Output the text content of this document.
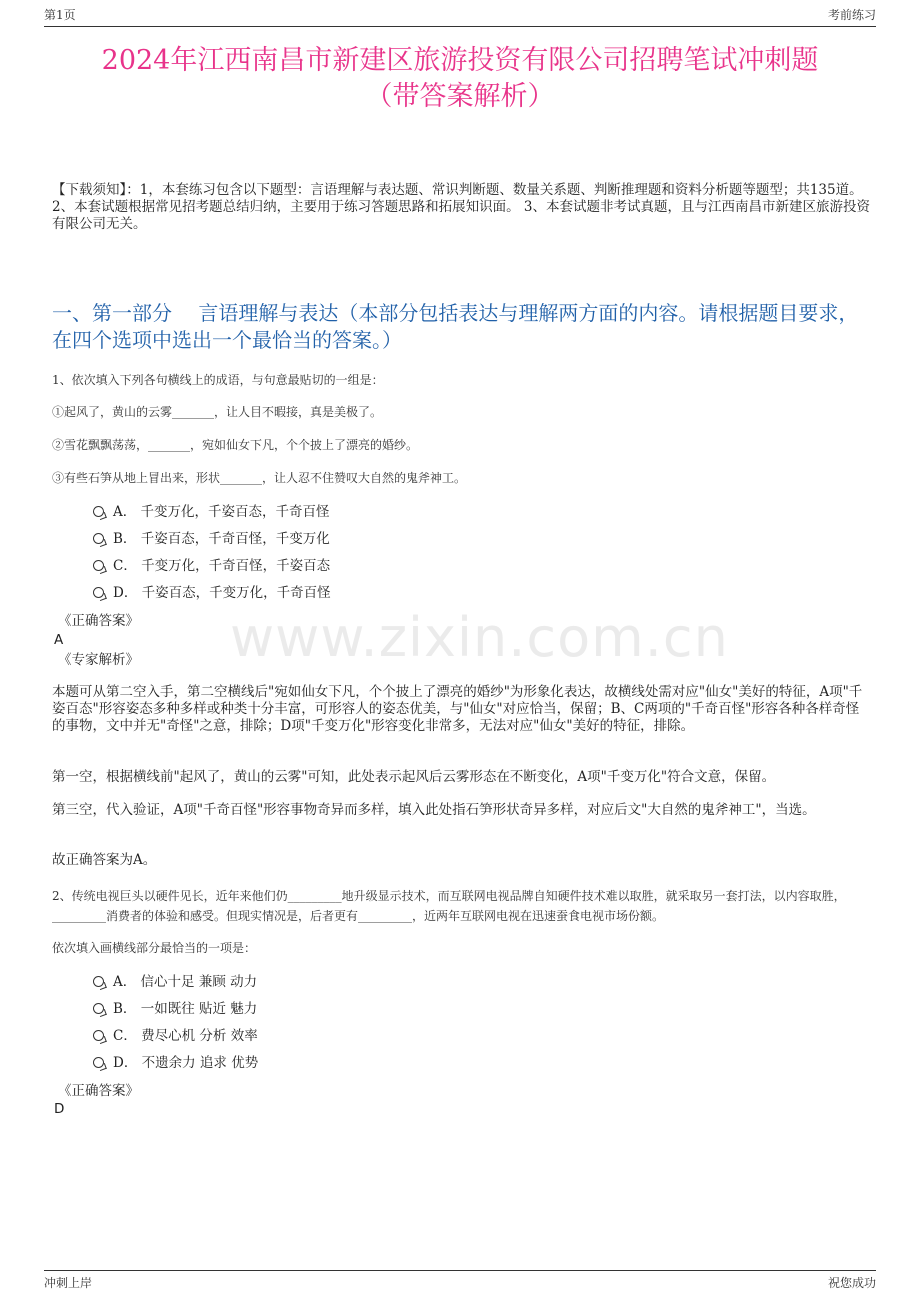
第1页	考前练习
2024年江西南昌市新建区旅游投资有限公司招聘笔试冲刺题
（带答案解析）
【下载须知】：1，本套练习包含以下题型：言语理解与表达题、常识判断题、数量关系题、判断推理题和资料分析题等题型；共135道。 2、本套试题根据常见招考题总结归纳，主要用于练习答题思路和拓展知识面。 3、本套试题非考试真题，且与江西南昌市新建区旅游投资有限公司无关。
一、第一部分　 言语理解与表达（本部分包括表达与理解两方面的内容。请根据题目要求，在四个选项中选出一个最恰当的答案。）
www.zixin.com.cn
1、依次填入下列各句横线上的成语，与句意最贴切的一组是：
①起风了，黄山的云雾_______，让人目不暇接，真是美极了。
②雪花飘飘荡荡，_______，宛如仙女下凡，个个披上了漂亮的婚纱。
③有些石笋从地上冒出来，形状_______，让人忍不住赞叹大自然的鬼斧神工。
A． 千变万化，千姿百态，千奇百怪
B． 千姿百态，千奇百怪，千变万化
C． 千变万化，千奇百怪，千姿百态
D． 千姿百态，千变万化，千奇百怪
《正确答案》
A
《专家解析》
本题可从第二空入手，第二空横线后"宛如仙女下凡，个个披上了漂亮的婚纱"为形象化表达，故横线处需对应"仙女"美好的特征，A项"千姿百态"形容姿态多种多样或种类十分丰富，可形容人的姿态优美，与"仙女"对应恰当，保留；B、C两项的"千奇百怪"形容各种各样奇怪的事物，文中并无"奇怪"之意，排除；D项"千变万化"形容变化非常多，无法对应"仙女"美好的特征，排除。
第一空，根据横线前"起风了，黄山的云雾"可知，此处表示起风后云雾形态在不断变化，A项"千变万化"符合文意，保留。
第三空，代入验证，A项"千奇百怪"形容事物奇异而多样，填入此处指石笋形状奇异多样，对应后文"大自然的鬼斧神工"，当选。
故正确答案为A。
2、传统电视巨头以硬件见长，近年来他们仍_________地升级显示技术，而互联网电视品牌自知硬件技术难以取胜，就采取另一套打法，以内容取胜，_________消费者的体验和感受。但现实情况是，后者更有_________，近两年互联网电视在迅速蚕食电视市场份额。
依次填入画横线部分最恰当的一项是：
A． 信心十足 兼顾 动力
B． 一如既往 贴近 魅力
C． 费尽心机 分析 效率
D． 不遗余力 追求 优势
《正确答案》
D
冲刺上岸	祝您成功
